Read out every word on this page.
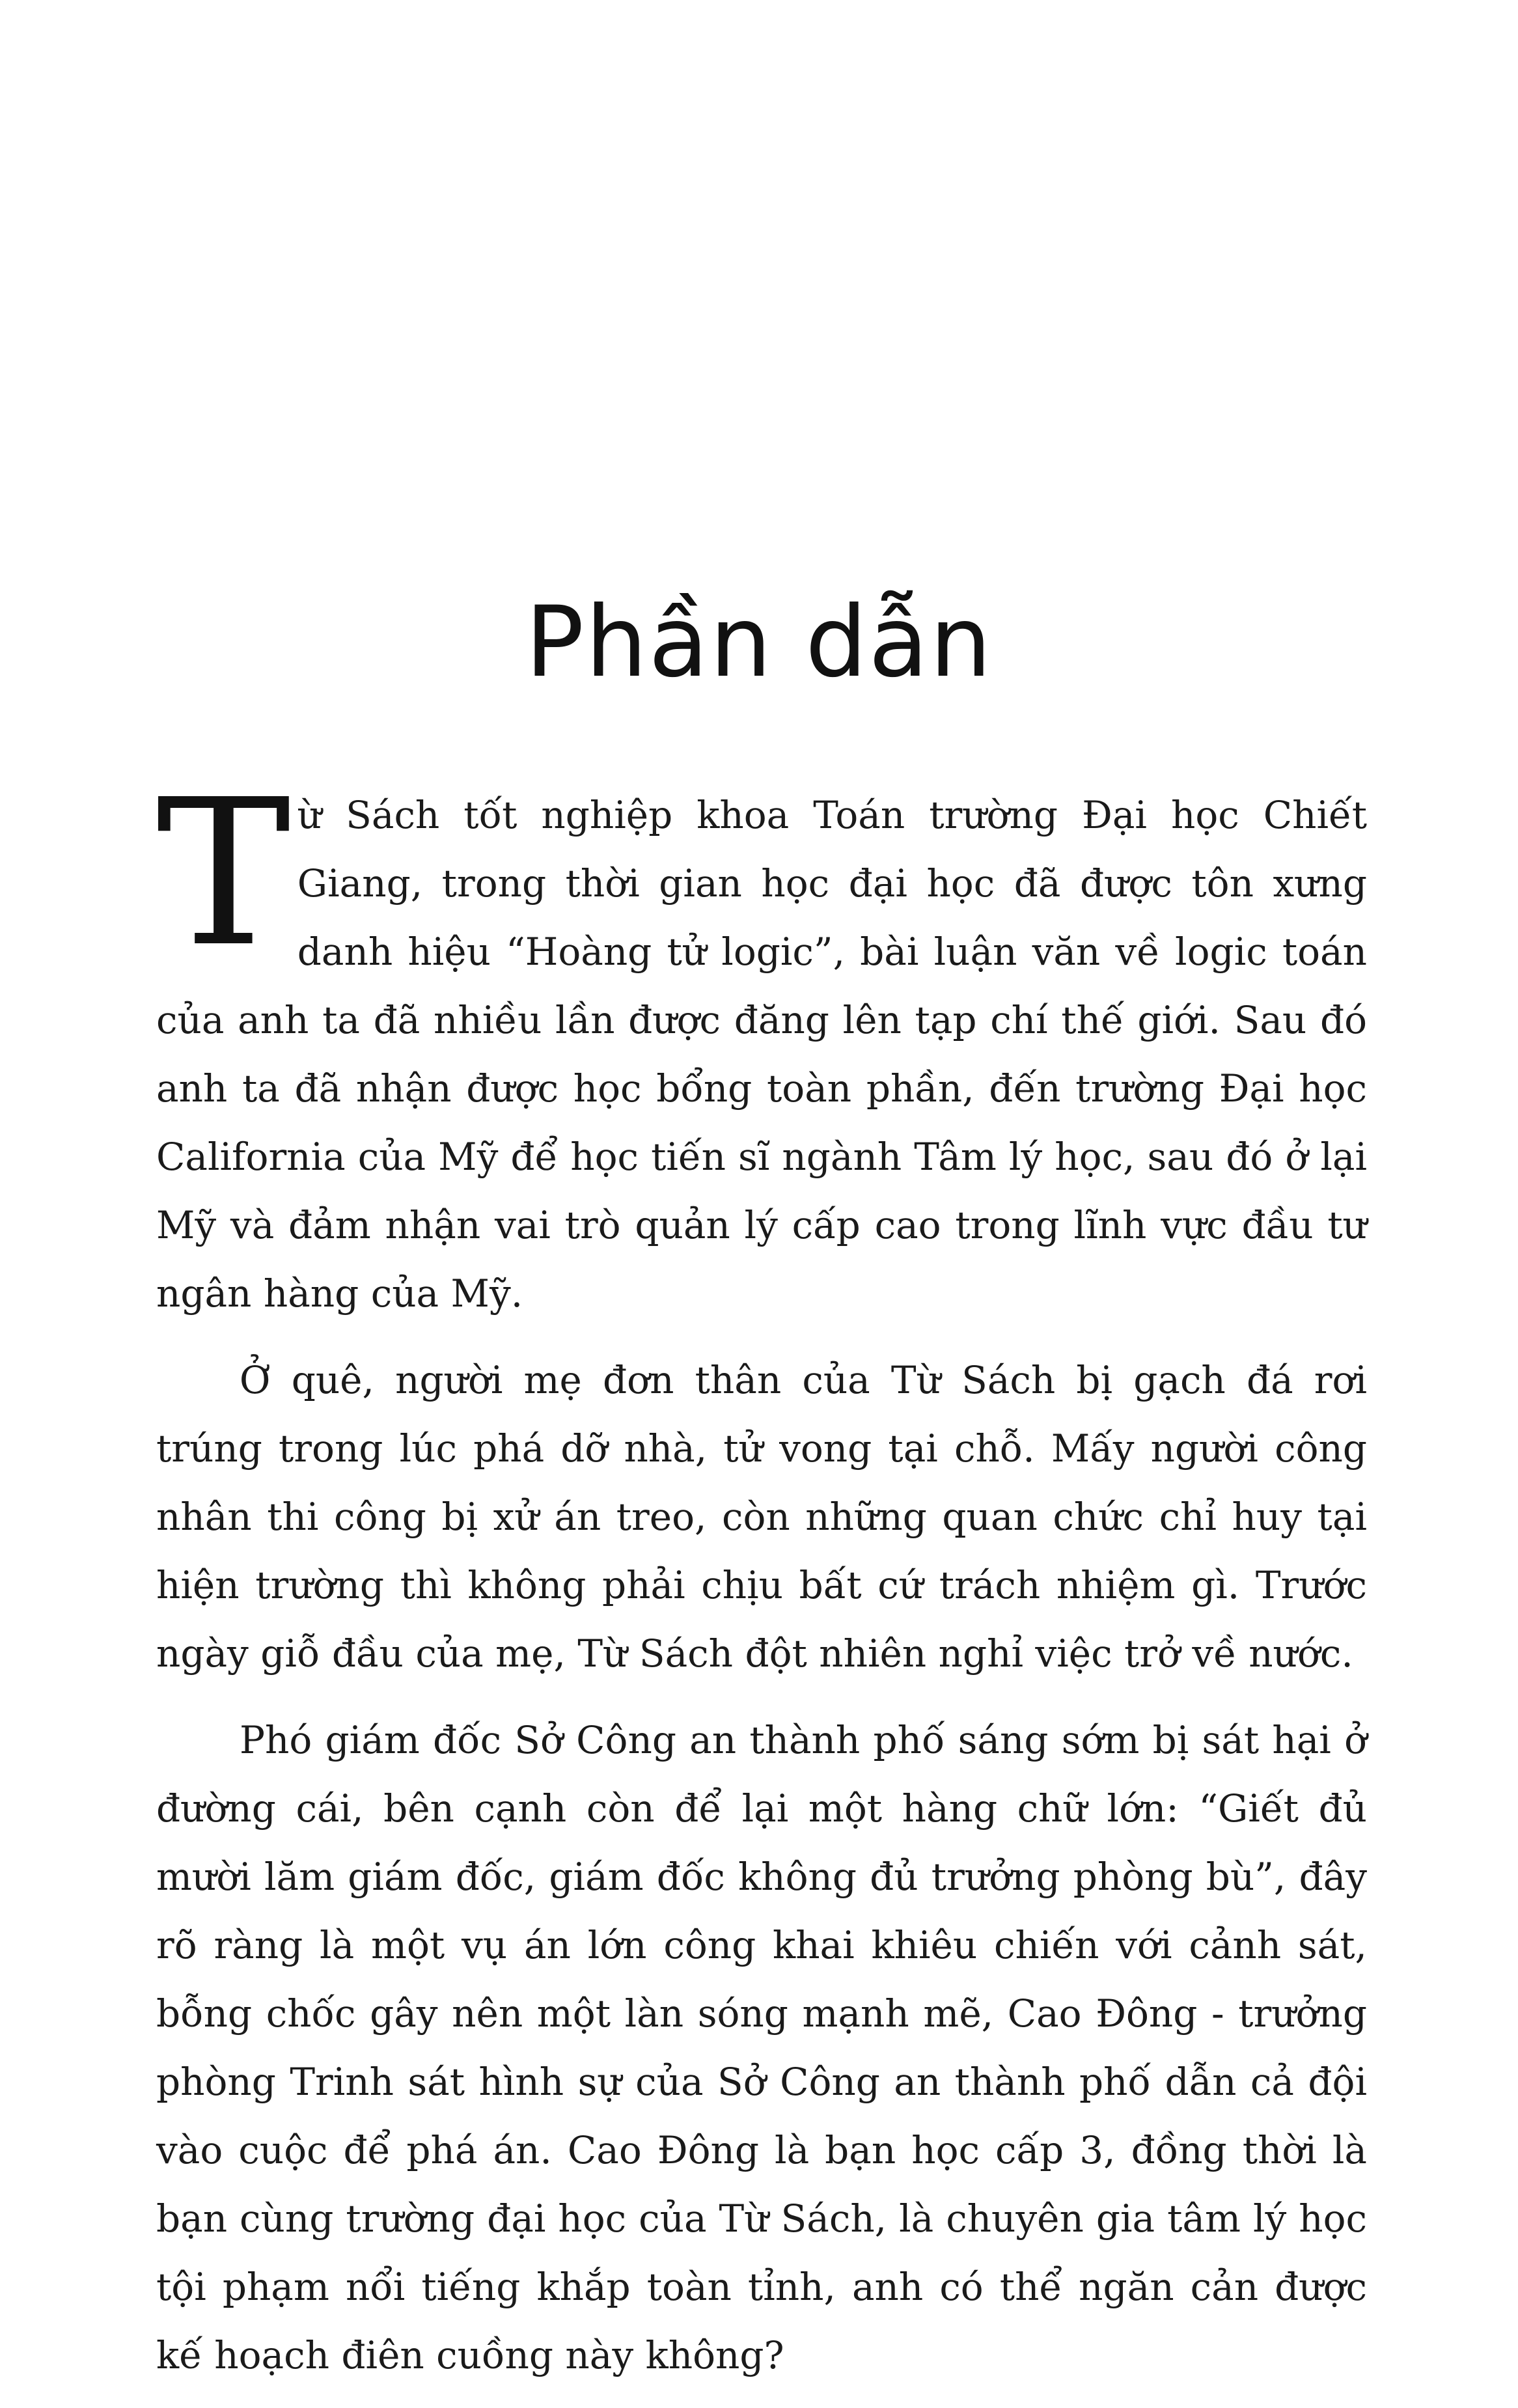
Phần dẫn

Từ Sách tốt nghiệp khoa Toán trường Đại học Chiết Giang, trong thời gian học đại học đã được tôn xưng danh hiệu “Hoàng tử logic”, bài luận văn về logic toán của anh ta đã nhiều lần được đăng lên tạp chí thế giới. Sau đó anh ta đã nhận được học bổng toàn phần, đến trường Đại học California của Mỹ để học tiến sĩ ngành Tâm lý học, sau đó ở lại Mỹ và đảm nhận vai trò quản lý cấp cao trong lĩnh vực đầu tư ngân hàng của Mỹ.

Ở quê, người mẹ đơn thân của Từ Sách bị gạch đá rơi trúng trong lúc phá dỡ nhà, tử vong tại chỗ. Mấy người công nhân thi công bị xử án treo, còn những quan chức chỉ huy tại hiện trường thì không phải chịu bất cứ trách nhiệm gì. Trước ngày giỗ đầu của mẹ, Từ Sách đột nhiên nghỉ việc trở về nước.

Phó giám đốc Sở Công an thành phố sáng sớm bị sát hại ở đường cái, bên cạnh còn để lại một hàng chữ lớn: “Giết đủ mười lăm giám đốc, giám đốc không đủ trưởng phòng bù”, đây rõ ràng là một vụ án lớn công khai khiêu chiến với cảnh sát, bỗng chốc gây nên một làn sóng mạnh mẽ, Cao Đông - trưởng phòng Trinh sát hình sự của Sở Công an thành phố dẫn cả đội vào cuộc để phá án. Cao Đông là bạn học cấp 3, đồng thời là bạn cùng trường đại học của Từ Sách, là chuyên gia tâm lý học tội phạm nổi tiếng khắp toàn tỉnh, anh có thể ngăn cản được kế hoạch điên cuồng này không?
